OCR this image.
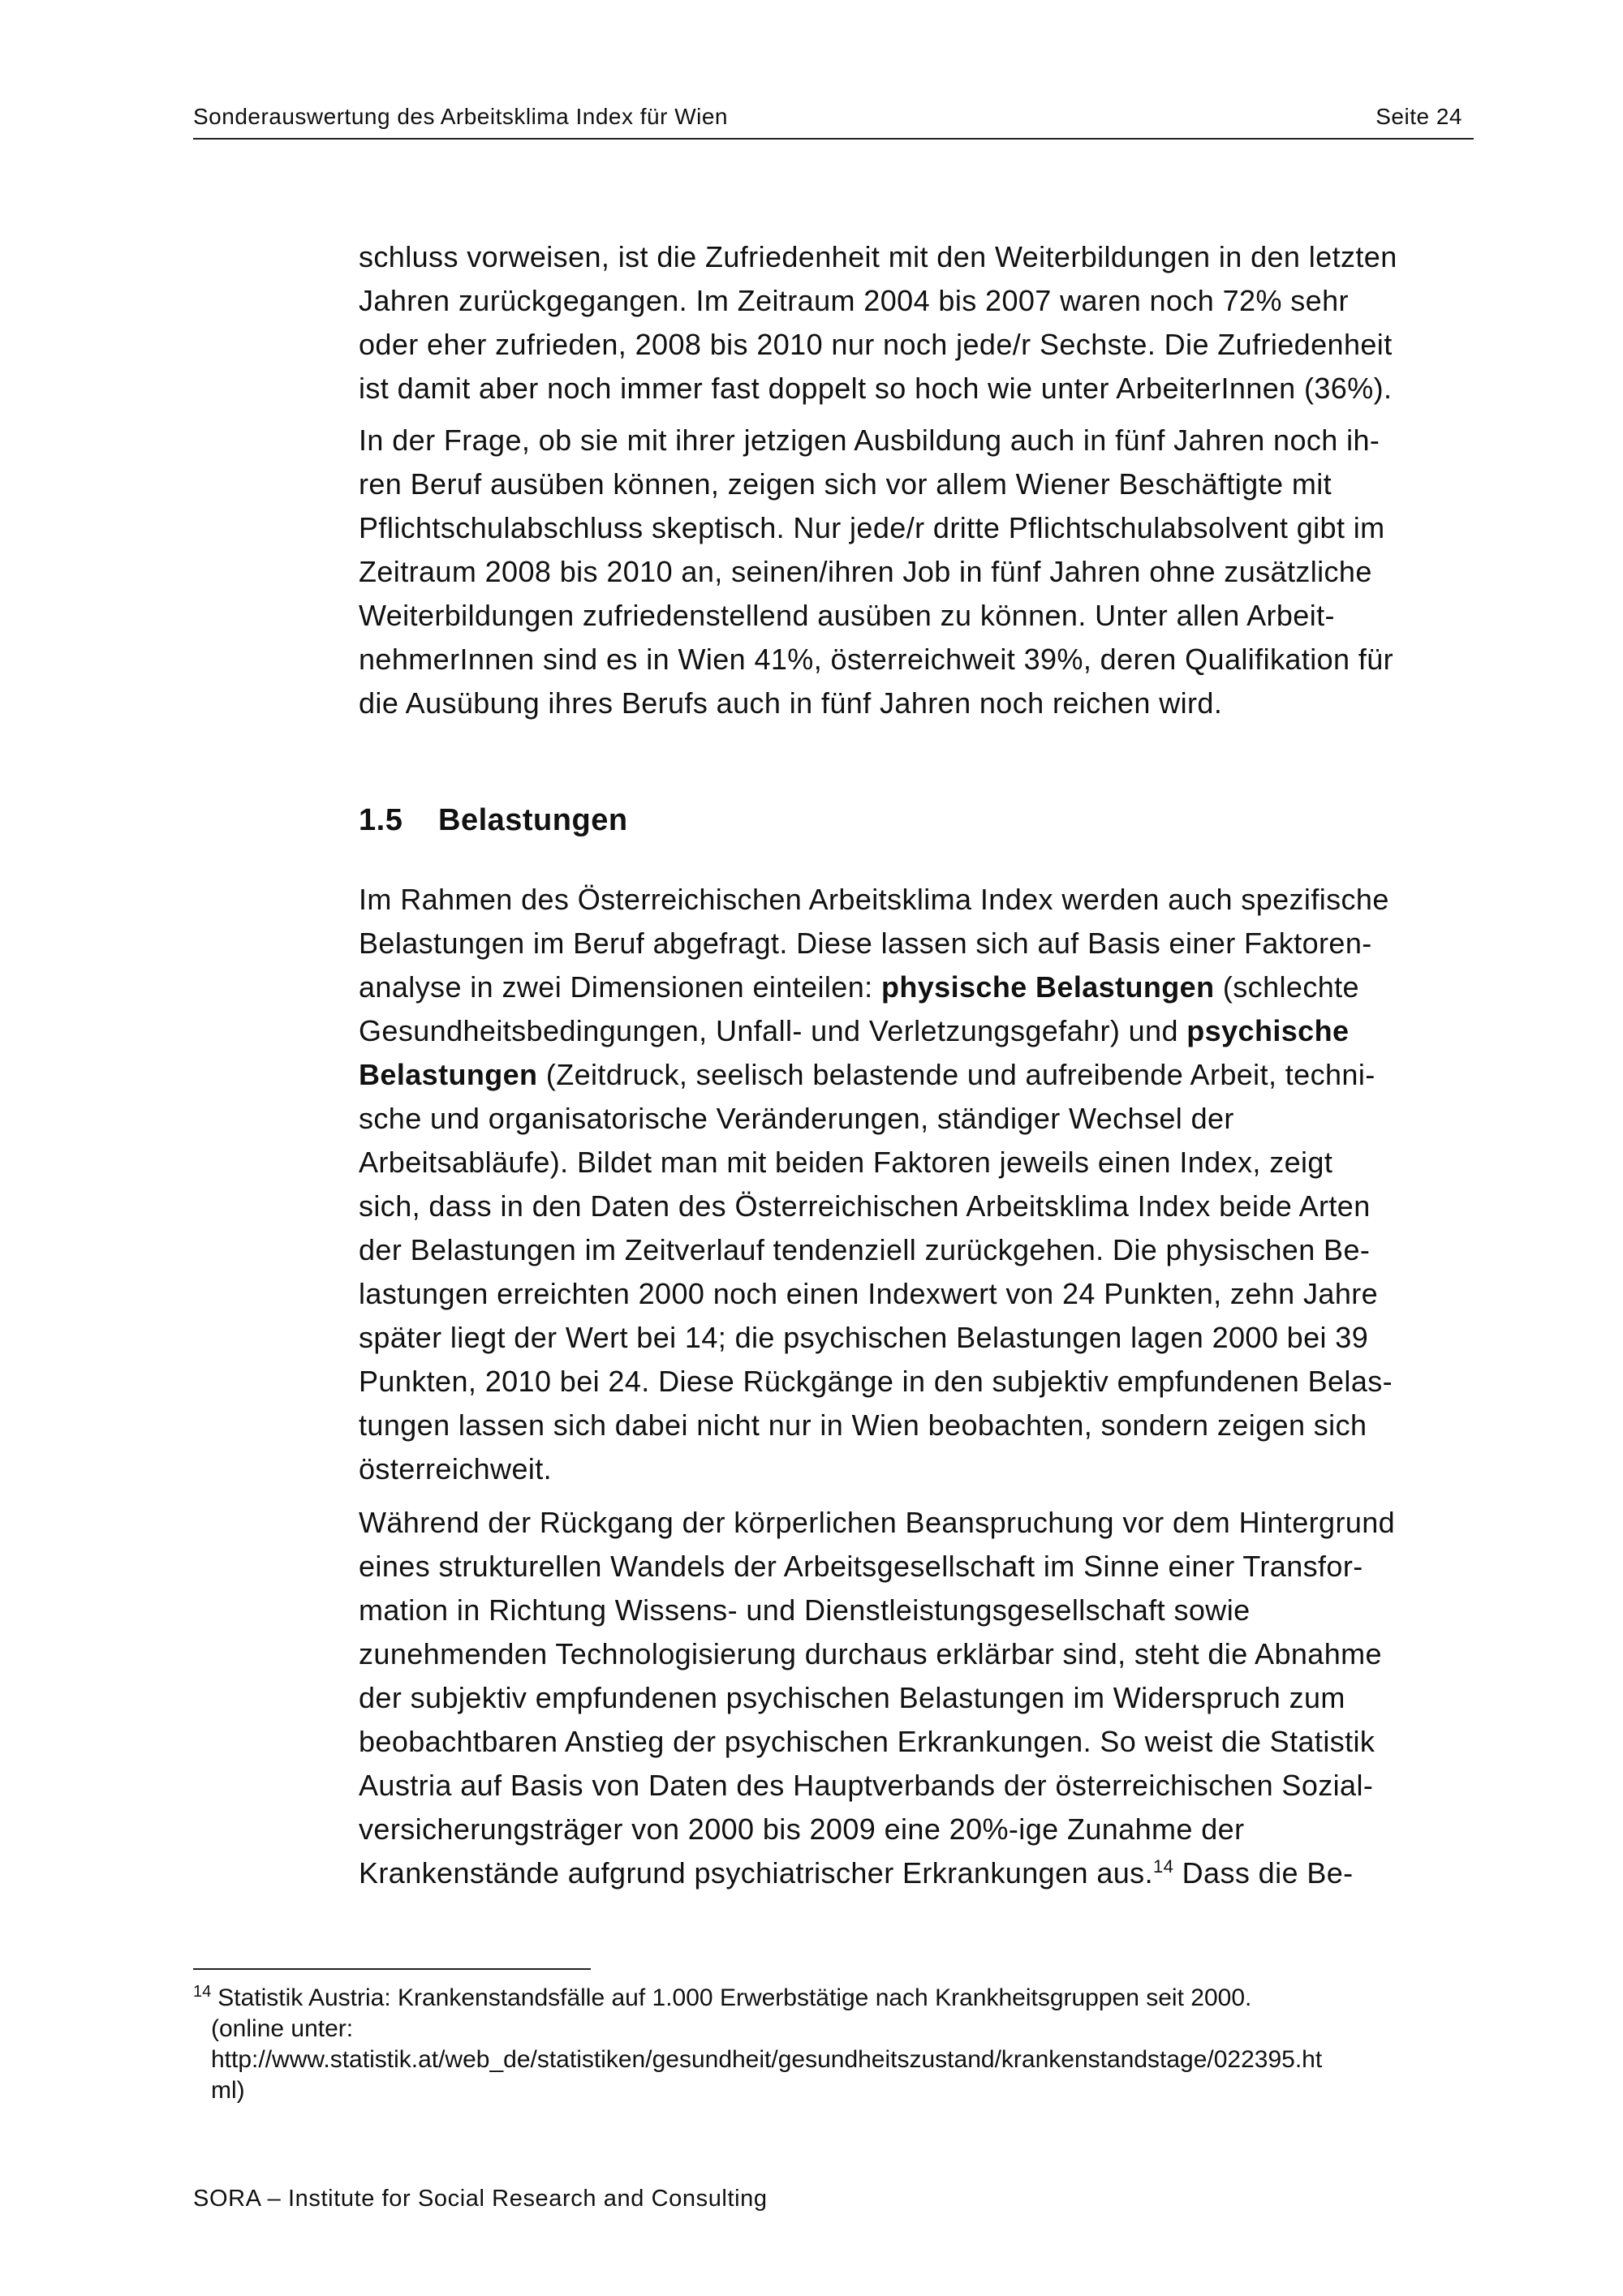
Sonderauswertung des Arbeitsklima Index für Wien	Seite 24

schluss vorweisen, ist die Zufriedenheit mit den Weiterbildungen in den letzten
Jahren zurückgegangen. Im Zeitraum 2004 bis 2007 waren noch 72% sehr
oder eher zufrieden, 2008 bis 2010 nur noch jede/r Sechste. Die Zufriedenheit
ist damit aber noch immer fast doppelt so hoch wie unter ArbeiterInnen (36%).

In der Frage, ob sie mit ihrer jetzigen Ausbildung auch in fünf Jahren noch ih-
ren Beruf ausüben können, zeigen sich vor allem Wiener Beschäftigte mit
Pflichtschulabschluss skeptisch. Nur jede/r dritte Pflichtschulabsolvent gibt im
Zeitraum 2008 bis 2010 an, seinen/ihren Job in fünf Jahren ohne zusätzliche
Weiterbildungen zufriedenstellend ausüben zu können. Unter allen Arbeit-
nehmerInnen sind es in Wien 41%, österreichweit 39%, deren Qualifikation für
die Ausübung ihres Berufs auch in fünf Jahren noch reichen wird.

1.5 Belastungen

Im Rahmen des Österreichischen Arbeitsklima Index werden auch spezifische
Belastungen im Beruf abgefragt. Diese lassen sich auf Basis einer Faktoren-
analyse in zwei Dimensionen einteilen: physische Belastungen (schlechte
Gesundheitsbedingungen, Unfall- und Verletzungsgefahr) und psychische
Belastungen (Zeitdruck, seelisch belastende und aufreibende Arbeit, techni-
sche und organisatorische Veränderungen, ständiger Wechsel der
Arbeitsabläufe). Bildet man mit beiden Faktoren jeweils einen Index, zeigt
sich, dass in den Daten des Österreichischen Arbeitsklima Index beide Arten
der Belastungen im Zeitverlauf tendenziell zurückgehen. Die physischen Be-
lastungen erreichten 2000 noch einen Indexwert von 24 Punkten, zehn Jahre
später liegt der Wert bei 14; die psychischen Belastungen lagen 2000 bei 39
Punkten, 2010 bei 24. Diese Rückgänge in den subjektiv empfundenen Belas-
tungen lassen sich dabei nicht nur in Wien beobachten, sondern zeigen sich
österreichweit.

Während der Rückgang der körperlichen Beanspruchung vor dem Hintergrund
eines strukturellen Wandels der Arbeitsgesellschaft im Sinne einer Transfor-
mation in Richtung Wissens- und Dienstleistungsgesellschaft sowie
zunehmenden Technologisierung durchaus erklärbar sind, steht die Abnahme
der subjektiv empfundenen psychischen Belastungen im Widerspruch zum
beobachtbaren Anstieg der psychischen Erkrankungen. So weist die Statistik
Austria auf Basis von Daten des Hauptverbands der österreichischen Sozial-
versicherungsträger von 2000 bis 2009 eine 20%-ige Zunahme der
Krankenstände aufgrund psychiatrischer Erkrankungen aus.$^{14}$ Dass die Be-

$^{14}$ Statistik Austria: Krankenstandsfälle auf 1.000 Erwerbstätige nach Krankheitsgruppen seit 2000.
(online unter:
http://www.statistik.at/web_de/statistiken/gesundheit/gesundheitszustand/krankenstandstage/022395.ht
ml)
SORA – Institute for Social Research and Consulting
